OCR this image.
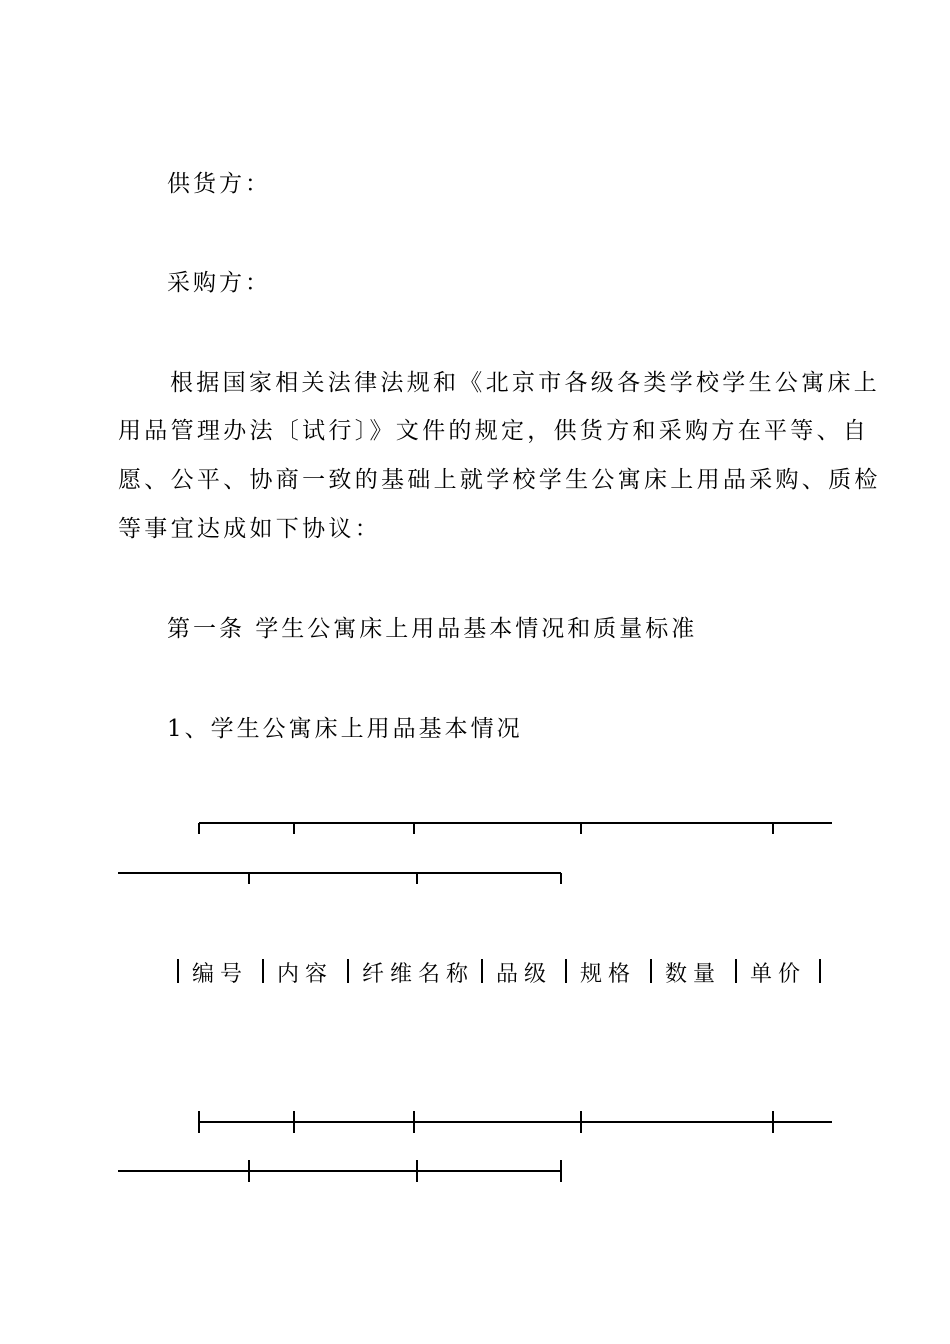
供货方：
采购方：
根据国家相关法律法规和《北京市各级各类学校学生公寓床上
用品管理办法〔试行〕》文件的规定，供货方和采购方在平等、自
愿、公平、协商一致的基础上就学校学生公寓床上用品采购、质检
等事宜达成如下协议：
第一条 学生公寓床上用品基本情况和质量标准
1、学生公寓床上用品基本情况
编号 内容 纤维名称 品级 规格 数量 单价
